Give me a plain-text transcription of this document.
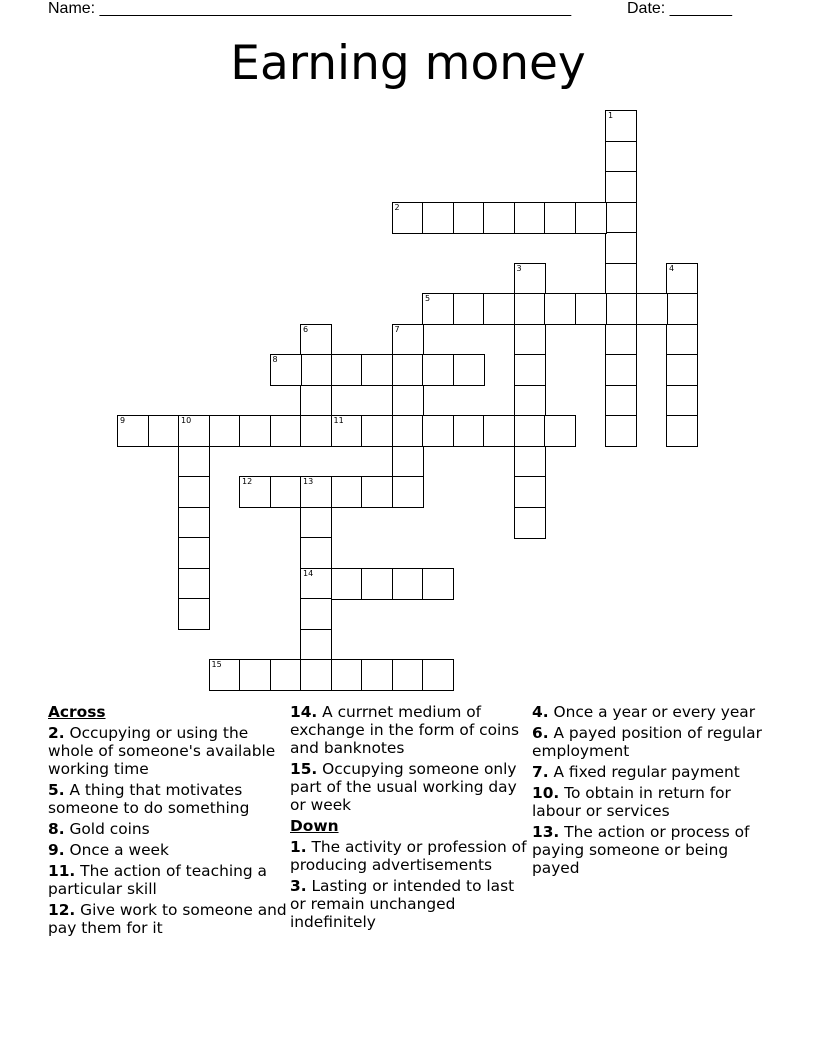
Name: _____________________________________________________	Date: _______
Earning money
1
2
3	4
5
6	7
8
9	10	11
12	13
14
15
Across
2. Occupying or using the whole of someone's available working time
5. A thing that motivates someone to do something
8. Gold coins
9. Once a week
11. The action of teaching a particular skill
12. Give work to someone and pay them for it
14. A currnet medium of exchange in the form of coins and banknotes
15. Occupying someone only part of the usual working day or week
Down
1. The activity or profession of producing advertisements
3. Lasting or intended to last or remain unchanged indefinitely
4. Once a year or every year
6. A payed position of regular employment
7. A fixed regular payment
10. To obtain in return for labour or services
13. The action or process of paying someone or being payed
